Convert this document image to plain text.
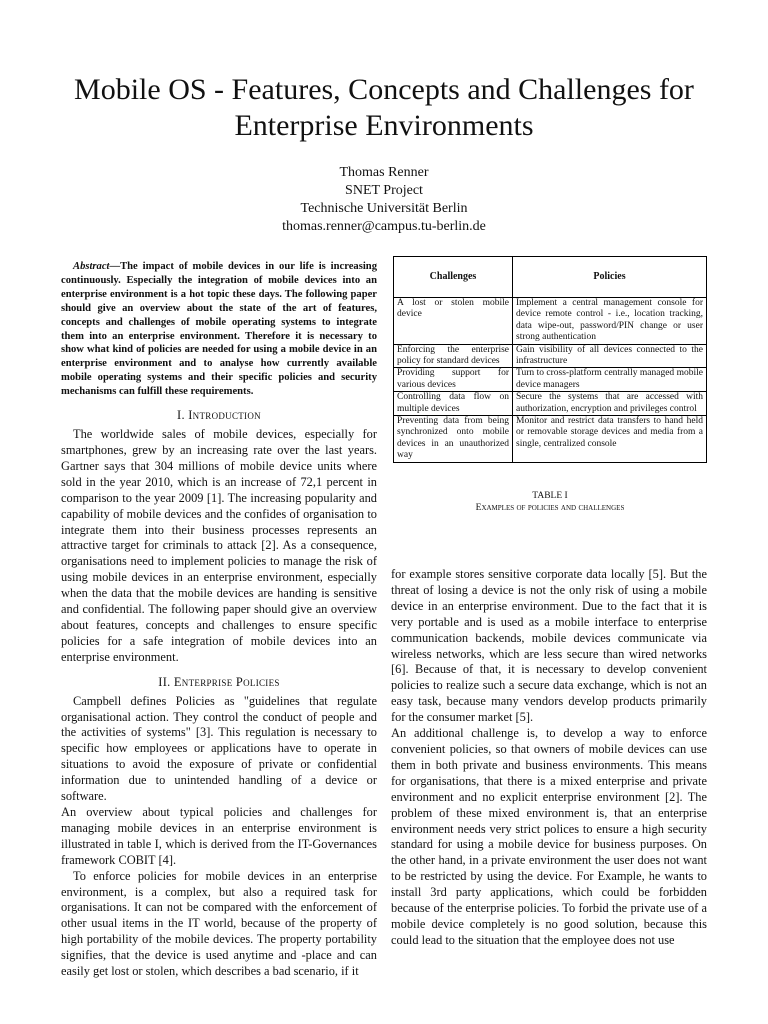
Mobile OS - Features, Concepts and Challenges for
Enterprise Environments
Thomas Renner
SNET Project
Technische Universität Berlin
thomas.renner@campus.tu-berlin.de

Abstract—The impact of mobile devices in our life is increasing continuously. Especially the integration of mobile devices into an enterprise environment is a hot topic these days. The following paper should give an overview about the state of the art of features, concepts and challenges of mobile operating systems to integrate them into an enterprise environment. Therefore it is necessary to show what kind of policies are needed for using a mobile device in an enterprise environment and to analyse how currently available mobile operating systems and their specific policies and security mechanisms can fulfill these requirements.

I. Introduction

The worldwide sales of mobile devices, especially for smartphones, grew by an increasing rate over the last years. Gartner says that 304 millions of mobile device units where sold in the year 2010, which is an increase of 72,1 percent in comparison to the year 2009 [1]. The increasing popularity and capability of mobile devices and the confides of organisation to integrate them into their business processes represents an attractive target for criminals to attack [2]. As a consequence, organisations need to implement policies to manage the risk of using mobile devices in an enterprise environment, especially when the data that the mobile devices are handing is sensitive and confidential. The following paper should give an overview about features, concepts and challenges to ensure specific policies for a safe integration of mobile devices into an enterprise environment.

II. Enterprise Policies

Campbell defines Policies as "guidelines that regulate organisational action. They control the conduct of people and the activities of systems" [3]. This regulation is necessary to specific how employees or applications have to operate in situations to avoid the exposure of private or confidential information due to unintended handling of a device or software.

An overview about typical policies and challenges for managing mobile devices in an enterprise environment is illustrated in table I, which is derived from the IT-Governances framework COBIT [4].

To enforce policies for mobile devices in an enterprise environment, is a complex, but also a required task for organisations. It can not be compared with the enforcement of other usual items in the IT world, because of the property of high portability of the mobile devices. The property portability signifies, that the device is used anytime and -place and can easily get lost or stolen, which describes a bad scenario, if it

Challenges	Policies
A lost or stolen mobile device	Implement a central management console for device remote control - i.e., location tracking, data wipe-out, password/PIN change or user strong authentication
Enforcing the enterprise policy for standard devices	Gain visibility of all devices connected to the infrastructure
Providing support for various devices	Turn to cross-platform centrally managed mobile device managers
Controlling data flow on multiple devices	Secure the systems that are accessed with authorization, encryption and privileges control
Preventing data from being synchronized onto mobile devices in an unauthorized way	Monitor and restrict data transfers to hand held or removable storage devices and media from a single, centralized console
TABLE I
Examples of policies and challenges

for example stores sensitive corporate data locally [5]. But the threat of losing a device is not the only risk of using a mobile device in an enterprise environment. Due to the fact that it is very portable and is used as a mobile interface to enterprise communication backends, mobile devices communicate via wireless networks, which are less secure than wired networks [6]. Because of that, it is necessary to develop convenient policies to realize such a secure data exchange, which is not an easy task, because many vendors develop products primarily for the consumer market [5].

An additional challenge is, to develop a way to enforce convenient policies, so that owners of mobile devices can use them in both private and business environments. This means for organisations, that there is a mixed enterprise and private environment and no explicit enterprise environment [2]. The problem of these mixed environment is, that an enterprise environment needs very strict polices to ensure a high security standard for using a mobile device for business purposes. On the other hand, in a private environment the user does not want to be restricted by using the device. For Example, he wants to install 3rd party applications, which could be forbidden because of the enterprise policies. To forbid the private use of a mobile device completely is no good solution, because this could lead to the situation that the employee does not use
